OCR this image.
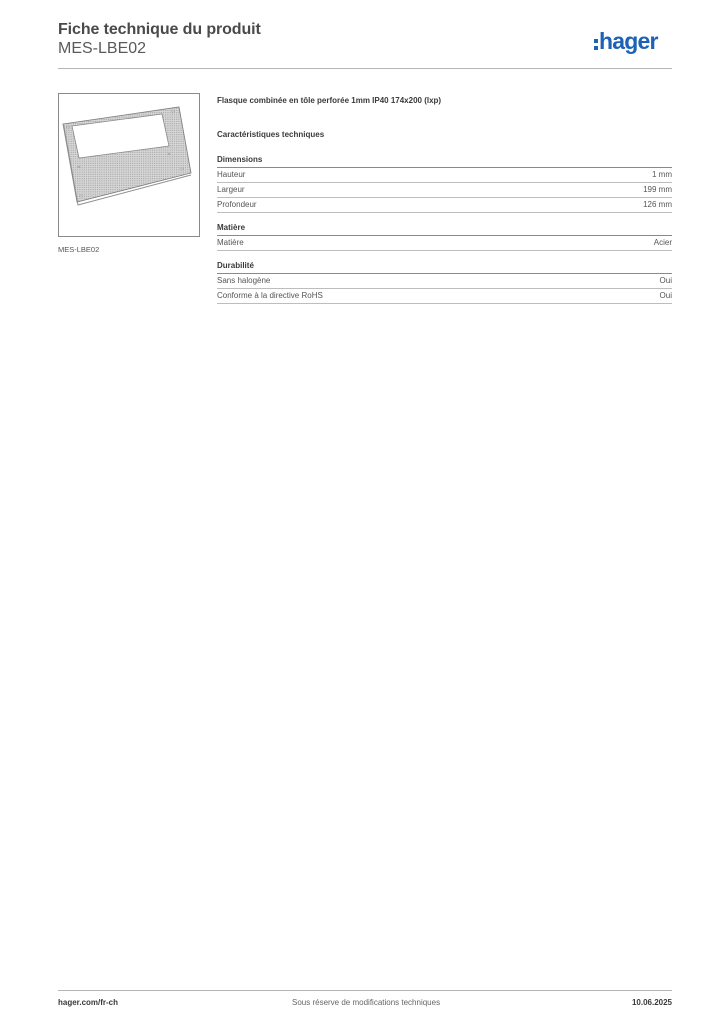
Fiche technique du produit
MES-LBE02	hager
MES-LBE02
Flasque combinée en tôle perforée 1mm IP40 174x200 (lxp)
Caractéristiques techniques
Dimensions
Hauteur	1 mm
Largeur	199 mm
Profondeur	126 mm
Matière
Matière	Acier
Durabilité
Sans halogène	Oui
Conforme à la directive RoHS	Oui
hager.com/fr-ch	Sous réserve de modifications techniques	10.06.2025
